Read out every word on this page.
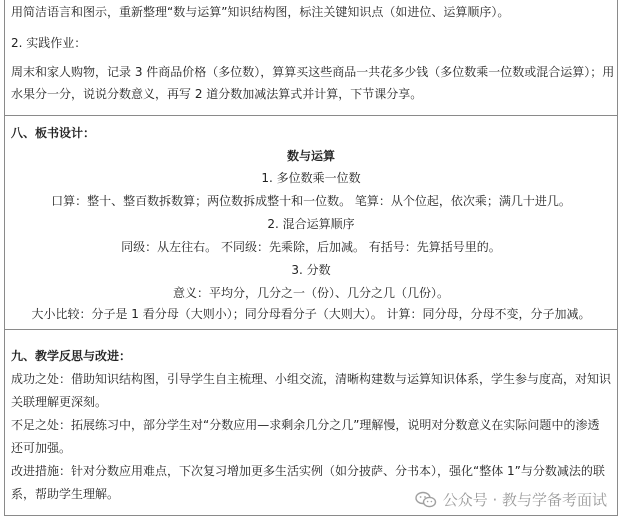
用简洁语言和图示，重新整理“数与运算”知识结构图，标注关键知识点（如进位、运算顺序）。
2. 实践作业：
周末和家人购物，记录 3 件商品价格（多位数），算算买这些商品一共花多少钱（多位数乘一位数或混合运算）；用
水果分一分，说说分数意义，再写 2 道分数加减法算式并计算，下节课分享。
八、板书设计：
数与运算
1. 多位数乘一位数
口算：整十、整百数拆数算；两位数拆成整十和一位数。 笔算：从个位起，依次乘；满几十进几。
2. 混合运算顺序
同级：从左往右。 不同级：先乘除，后加减。 有括号：先算括号里的。
3. 分数
意义：平均分，几分之一（份）、几分之几（几份）。
大小比较：分子是 1 看分母（大则小）；同分母看分子（大则大）。 计算：同分母，分母不变，分子加减。
九、教学反思与改进：
成功之处：借助知识结构图，引导学生自主梳理、小组交流，清晰构建数与运算知识体系，学生参与度高，对知识
关联理解更深刻。
不足之处：拓展练习中，部分学生对“分数应用—求剩余几分之几”理解慢，说明对分数意义在实际问题中的渗透
还可加强。
改进措施：针对分数应用难点，下次复习增加更多生活实例（如分披萨、分书本），强化“整体 1”与分数减法的联
系，帮助学生理解。	公众号 · 教与学备考面试
